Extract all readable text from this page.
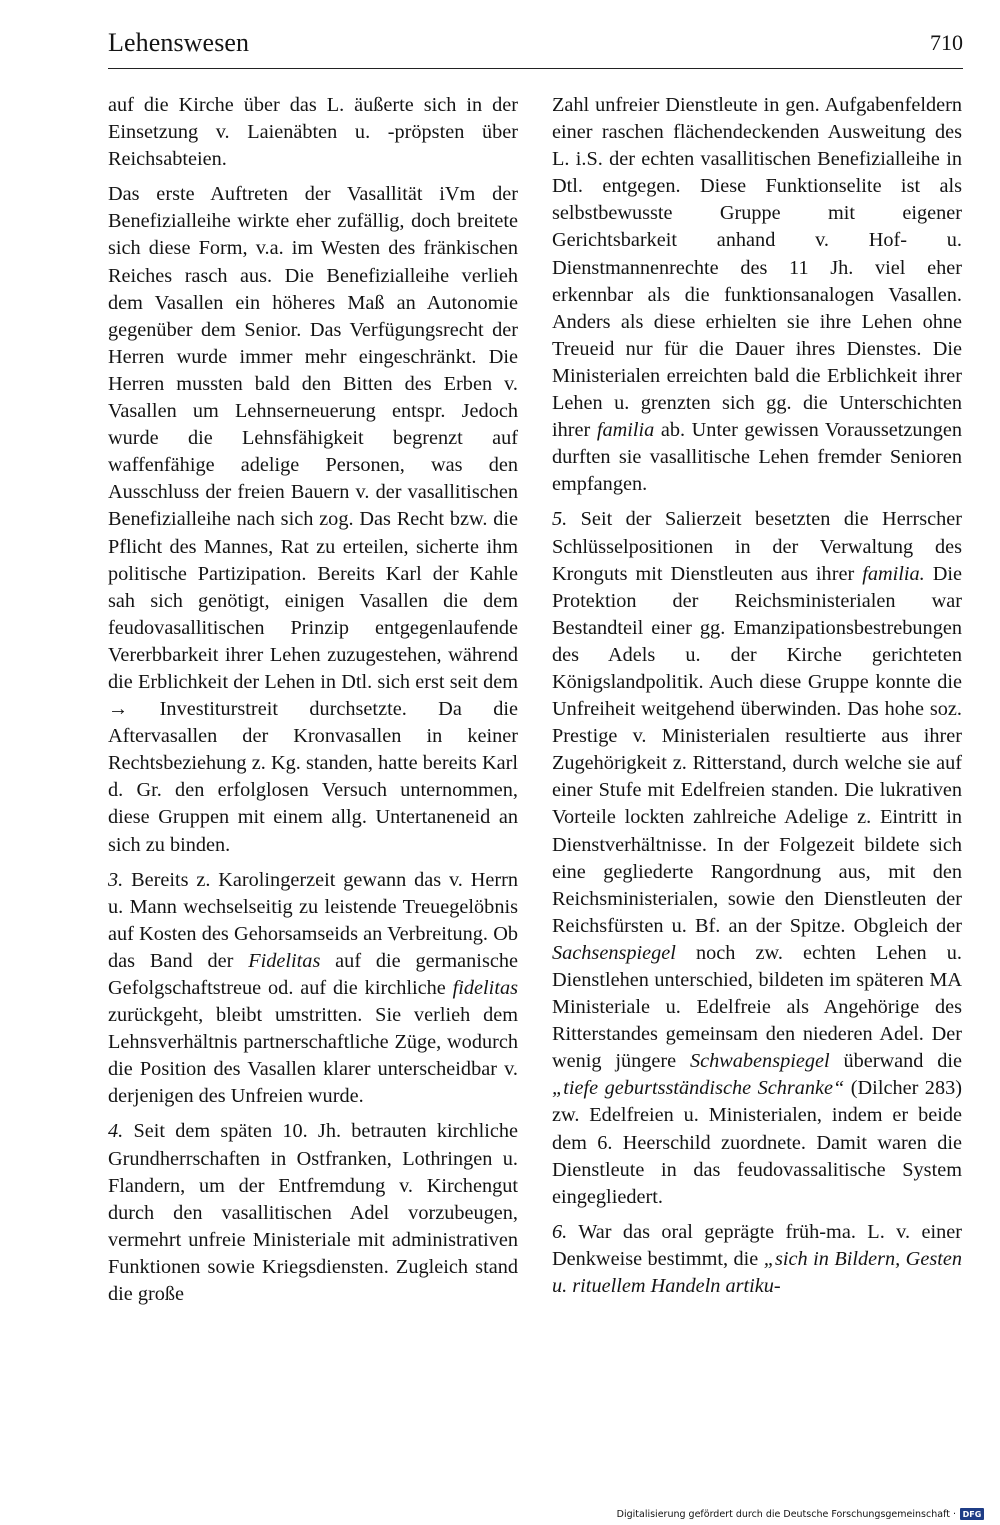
Lehenswesen	710

auf die Kirche über das L. äußerte sich in der Einsetzung v. Laienäbten u. -pröpsten über Reichsabteien.

Das erste Auftreten der Vasallität iVm der Benefizialleihe wirkte eher zufällig, doch breitete sich diese Form, v.a. im Westen des fränkischen Reiches rasch aus. Die Benefizialleihe verlieh dem Vasallen ein höheres Maß an Autonomie gegenüber dem Senior. Das Verfügungsrecht der Herren wurde immer mehr eingeschränkt. Die Herren mussten bald den Bitten des Erben v. Vasallen um Lehnserneuerung entspr. Jedoch wurde die Lehnsfähigkeit begrenzt auf waffenfähige adelige Personen, was den Ausschluss der freien Bauern v. der vasallitischen Benefizialleihe nach sich zog. Das Recht bzw. die Pflicht des Mannes, Rat zu erteilen, sicherte ihm politische Partizipation. Bereits Karl der Kahle sah sich genötigt, einigen Vasallen die dem feudovasallitischen Prinzip entgegenlaufende Vererbbarkeit ihrer Lehen zuzugestehen, während die Erblichkeit der Lehen in Dtl. sich erst seit dem → Investiturstreit durchsetzte. Da die Aftervasallen der Kronvasallen in keiner Rechtsbeziehung z. Kg. standen, hatte bereits Karl d. Gr. den erfolglosen Versuch unternommen, diese Gruppen mit einem allg. Untertaneneid an sich zu binden.

3. Bereits z. Karolingerzeit gewann das v. Herrn u. Mann wechselseitig zu leistende Treuegelöbnis auf Kosten des Gehorsamseids an Verbreitung. Ob das Band der Fidelitas auf die germanische Gefolgschaftstreue od. auf die kirchliche fidelitas zurückgeht, bleibt umstritten. Sie verlieh dem Lehnsverhältnis partnerschaftliche Züge, wodurch die Position des Vasallen klarer unterscheidbar v. derjenigen des Unfreien wurde.

4. Seit dem späten 10. Jh. betrauten kirchliche Grundherrschaften in Ostfranken, Lothringen u. Flandern, um der Entfremdung v. Kirchengut durch den vasallitischen Adel vorzubeugen, vermehrt unfreie Ministeriale mit administrativen Funktionen sowie Kriegsdiensten. Zugleich stand die große

Zahl unfreier Dienstleute in gen. Aufgabenfeldern einer raschen flächendeckenden Ausweitung des L. i.S. der echten vasallitischen Benefizialleihe in Dtl. entgegen. Diese Funktionselite ist als selbstbewusste Gruppe mit eigener Gerichtsbarkeit anhand v. Hof- u. Dienstmannenrechte des 11 Jh. viel eher erkennbar als die funktionsanalogen Vasallen. Anders als diese erhielten sie ihre Lehen ohne Treueid nur für die Dauer ihres Dienstes. Die Ministerialen erreichten bald die Erblichkeit ihrer Lehen u. grenzten sich gg. die Unterschichten ihrer familia ab. Unter gewissen Voraussetzungen durften sie vasallitische Lehen fremder Senioren empfangen.

5. Seit der Salierzeit besetzten die Herrscher Schlüsselpositionen in der Verwaltung des Kronguts mit Dienstleuten aus ihrer familia. Die Protektion der Reichsministerialen war Bestandteil einer gg. Emanzipationsbestrebungen des Adels u. der Kirche gerichteten Königslandpolitik. Auch diese Gruppe konnte die Unfreiheit weitgehend überwinden. Das hohe soz. Prestige v. Ministerialen resultierte aus ihrer Zugehörigkeit z. Ritterstand, durch welche sie auf einer Stufe mit Edelfreien standen. Die lukrativen Vorteile lockten zahlreiche Adelige z. Eintritt in Dienstverhältnisse. In der Folgezeit bildete sich eine gegliederte Rangordnung aus, mit den Reichsministerialen, sowie den Dienstleuten der Reichsfürsten u. Bf. an der Spitze. Obgleich der Sachsenspiegel noch zw. echten Lehen u. Dienstlehen unterschied, bildeten im späteren MA Ministeriale u. Edelfreie als Angehörige des Ritterstandes gemeinsam den niederen Adel. Der wenig jüngere Schwabenspiegel überwand die „tiefe geburtsständische Schranke“ (Dilcher 283) zw. Edelfreien u. Ministerialen, indem er beide dem 6. Heerschild zuordnete. Damit waren die Dienstleute in das feudovassalitische System eingegliedert.

6. War das oral geprägte früh-ma. L. v. einer Denkweise bestimmt, die „sich in Bildern, Gesten u. rituellem Handeln artiku-

Digitalisierung gefördert durch die Deutsche Forschungsgemeinschaft · DFG
